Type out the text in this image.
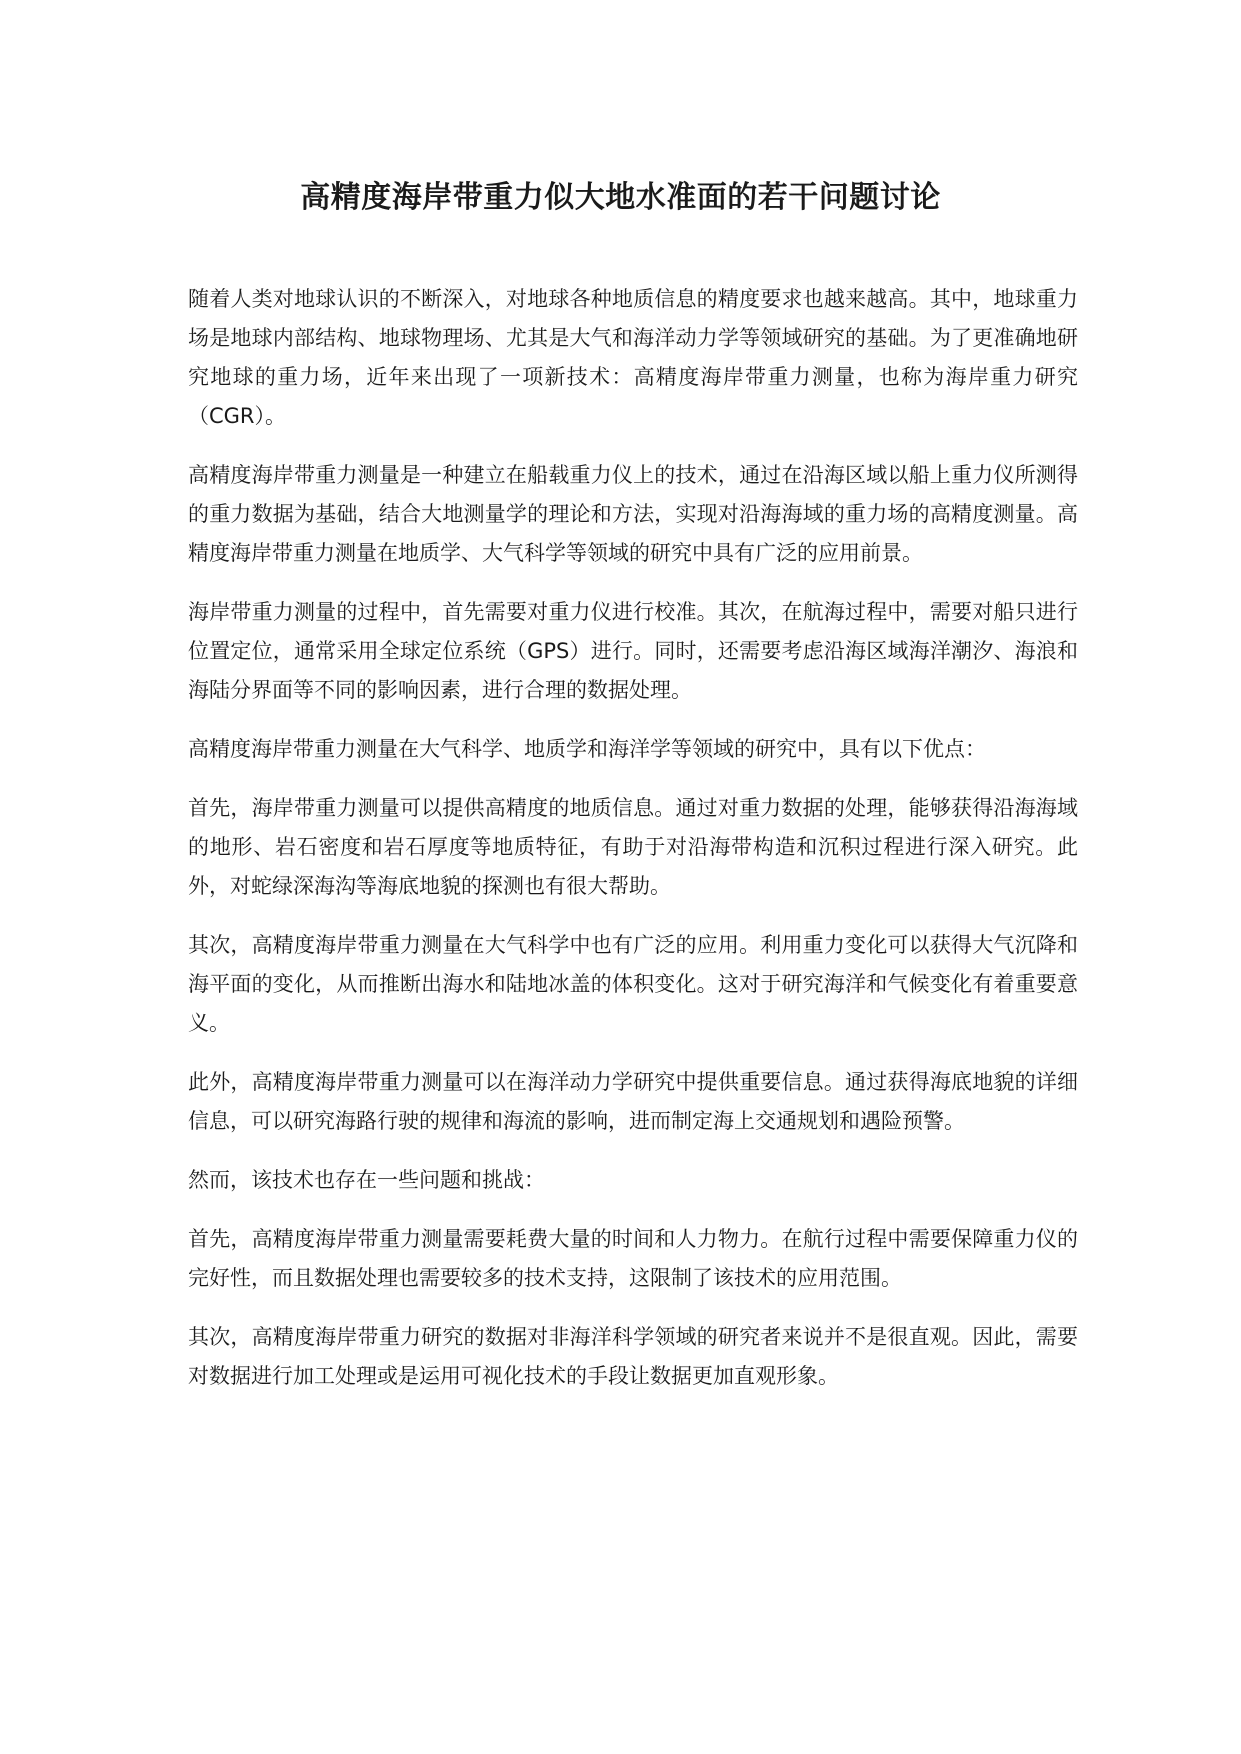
高精度海岸带重力似大地水准面的若干问题讨论

随着人类对地球认识的不断深入，对地球各种地质信息的精度要求也越来越高。其中，地球重力场是地球内部结构、地球物理场、尤其是大气和海洋动力学等领域研究的基础。为了更准确地研究地球的重力场，近年来出现了一项新技术：高精度海岸带重力测量，也称为海岸重力研究（CGR）。

高精度海岸带重力测量是一种建立在船载重力仪上的技术，通过在沿海区域以船上重力仪所测得的重力数据为基础，结合大地测量学的理论和方法，实现对沿海海域的重力场的高精度测量。高精度海岸带重力测量在地质学、大气科学等领域的研究中具有广泛的应用前景。

海岸带重力测量的过程中，首先需要对重力仪进行校准。其次，在航海过程中，需要对船只进行位置定位，通常采用全球定位系统（GPS）进行。同时，还需要考虑沿海区域海洋潮汐、海浪和海陆分界面等不同的影响因素，进行合理的数据处理。

高精度海岸带重力测量在大气科学、地质学和海洋学等领域的研究中，具有以下优点：

首先，海岸带重力测量可以提供高精度的地质信息。通过对重力数据的处理，能够获得沿海海域的地形、岩石密度和岩石厚度等地质特征，有助于对沿海带构造和沉积过程进行深入研究。此外，对蛇绿深海沟等海底地貌的探测也有很大帮助。

其次，高精度海岸带重力测量在大气科学中也有广泛的应用。利用重力变化可以获得大气沉降和海平面的变化，从而推断出海水和陆地冰盖的体积变化。这对于研究海洋和气候变化有着重要意义。

此外，高精度海岸带重力测量可以在海洋动力学研究中提供重要信息。通过获得海底地貌的详细信息，可以研究海路行驶的规律和海流的影响，进而制定海上交通规划和遇险预警。

然而，该技术也存在一些问题和挑战：

首先，高精度海岸带重力测量需要耗费大量的时间和人力物力。在航行过程中需要保障重力仪的完好性，而且数据处理也需要较多的技术支持，这限制了该技术的应用范围。

其次，高精度海岸带重力研究的数据对非海洋科学领域的研究者来说并不是很直观。因此，需要对数据进行加工处理或是运用可视化技术的手段让数据更加直观形象。
